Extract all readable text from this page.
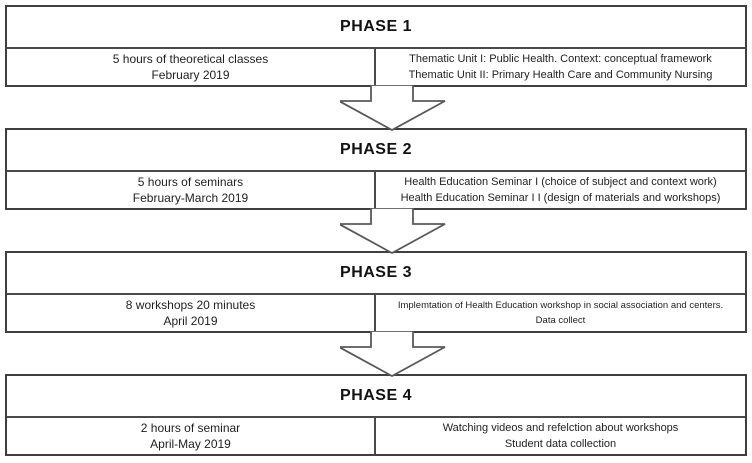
PHASE 1
5 hours of theoretical classes
February 2019
Thematic Unit I: Public Health. Context: conceptual framework
Thematic Unit II: Primary Health Care and Community Nursing
PHASE 2
5 hours of seminars
February-March 2019
Health Education Seminar I (choice of subject and context work)
Health Education Seminar I I (design of materials and workshops)
PHASE 3
8 workshops 20 minutes
April 2019
Implemtation of Health Education workshop in social association and centers.
Data collect
PHASE 4
2 hours of seminar
April-May 2019
Watching videos and refelction about workshops
Student data collection
